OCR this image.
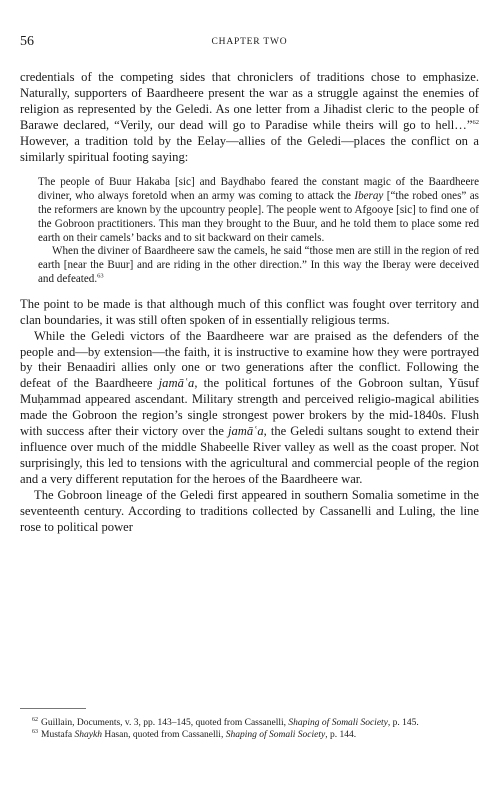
56	CHAPTER TWO

credentials of the competing sides that chroniclers of traditions chose to emphasize. Naturally, supporters of Baardheere present the war as a struggle against the enemies of religion as represented by the Geledi. As one letter from a Jihadist cleric to the people of Barawe declared, “Verily, our dead will go to Paradise while theirs will go to hell…”$^{62}$ However, a tradition told by the Eelay—allies of the Geledi—places the conflict on a similarly spiritual footing saying:

The people of Buur Hakaba [sic] and Baydhabo feared the constant magic of the Baardheere diviner, who always foretold when an army was coming to attack the Iberay [“the robed ones” as the reformers are known by the upcountry people]. The people went to Afgooye [sic] to find one of the Gobroon practitioners. This man they brought to the Buur, and he told them to place some red earth on their camels’ backs and to sit backward on their camels.

When the diviner of Baardheere saw the camels, he said “those men are still in the region of red earth [near the Buur] and are riding in the other direction.” In this way the Iberay were deceived and defeated.$^{63}$

The point to be made is that although much of this conflict was fought over territory and clan boundaries, it was still often spoken of in essentially religious terms.

While the Geledi victors of the Baardheere war are praised as the defenders of the people and—by extension—the faith, it is instructive to examine how they were portrayed by their Benaadiri allies only one or two generations after the conflict. Following the defeat of the Baardheere jamāʿa, the political fortunes of the Gobroon sultan, Yūsuf Muḥammad appeared ascendant. Military strength and perceived religio-magical abilities made the Gobroon the region’s single strongest power brokers by the mid-1840s. Flush with success after their victory over the jamāʿa, the Geledi sultans sought to extend their influence over much of the middle Shabeelle River valley as well as the coast proper. Not surprisingly, this led to tensions with the agricultural and commercial people of the region and a very different reputation for the heroes of the Baardheere war.

The Gobroon lineage of the Geledi first appeared in southern Somalia sometime in the seventeenth century. According to traditions collected by Cassanelli and Luling, the line rose to political power

$^{62}$ Guillain, Documents, v. 3, pp. 143–145, quoted from Cassanelli, Shaping of Somali Society, p. 145.
$^{63}$ Mustafa Shaykh Hasan, quoted from Cassanelli, Shaping of Somali Society, p. 144.
